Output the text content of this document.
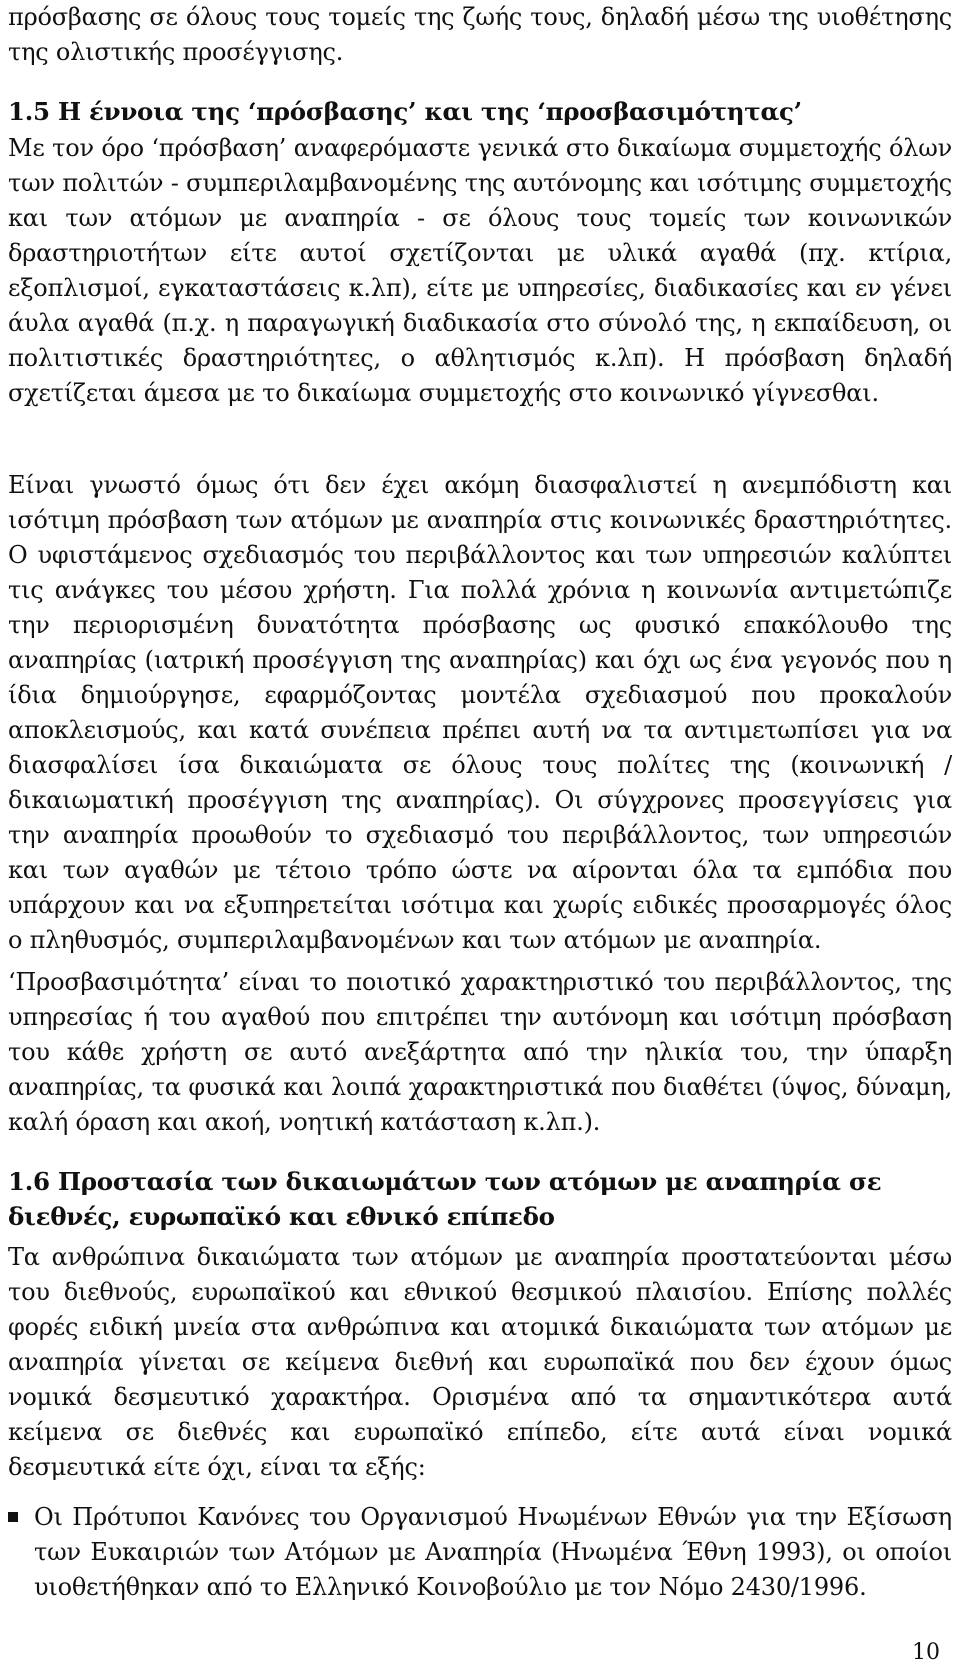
πρόσβασης σε όλους τους τομείς της ζωής τους, δηλαδή μέσω της υιοθέτησης της ολιστικής προσέγγισης.

1.5 Η έννοια της ‘πρόσβασης’ και της ‘προσβασιμότητας’

Με τον όρο ‘πρόσβαση’ αναφερόμαστε γενικά στο δικαίωμα συμμετοχής όλων των πολιτών - συμπεριλαμβανομένης της αυτόνομης και ισότιμης συμμετοχής και των ατόμων με αναπηρία - σε όλους τους τομείς των κοινωνικών δραστηριοτήτων είτε αυτοί σχετίζονται με υλικά αγαθά (πχ. κτίρια, εξοπλισμοί, εγκαταστάσεις κ.λπ), είτε με υπηρεσίες, διαδικασίες και εν γένει άυλα αγαθά (π.χ. η παραγωγική διαδικασία στο σύνολό της, η εκπαίδευση, οι πολιτιστικές δραστηριότητες, ο αθλητισμός κ.λπ). Η πρόσβαση δηλαδή σχετίζεται άμεσα με το δικαίωμα συμμετοχής στο κοινωνικό γίγνεσθαι.

Είναι γνωστό όμως ότι δεν έχει ακόμη διασφαλιστεί η ανεμπόδιστη και ισότιμη πρόσβαση των ατόμων με αναπηρία στις κοινωνικές δραστηριότητες. Ο υφιστάμενος σχεδιασμός του περιβάλλοντος και των υπηρεσιών καλύπτει τις ανάγκες του μέσου χρήστη. Για πολλά χρόνια η κοινωνία αντιμετώπιζε την περιορισμένη δυνατότητα πρόσβασης ως φυσικό επακόλουθο της αναπηρίας (ιατρική προσέγγιση της αναπηρίας) και όχι ως ένα γεγονός που η ίδια δημιούργησε, εφαρμόζοντας μοντέλα σχεδιασμού που προκαλούν αποκλεισμούς, και κατά συνέπεια πρέπει αυτή να τα αντιμετωπίσει για να διασφαλίσει ίσα δικαιώματα σε όλους τους πολίτες της (κοινωνική / δικαιωματική προσέγγιση της αναπηρίας). Οι σύγχρονες προσεγγίσεις για την αναπηρία προωθούν το σχεδιασμό του περιβάλλοντος, των υπηρεσιών και των αγαθών με τέτοιο τρόπο ώστε να αίρονται όλα τα εμπόδια που υπάρχουν και να εξυπηρετείται ισότιμα και χωρίς ειδικές προσαρμογές όλος ο πληθυσμός, συμπεριλαμβανομένων και των ατόμων με αναπηρία.

‘Προσβασιμότητα’ είναι το ποιοτικό χαρακτηριστικό του περιβάλλοντος, της υπηρεσίας ή του αγαθού που επιτρέπει την αυτόνομη και ισότιμη πρόσβαση του κάθε χρήστη σε αυτό ανεξάρτητα από την ηλικία του, την ύπαρξη αναπηρίας, τα φυσικά και λοιπά χαρακτηριστικά που διαθέτει (ύψος, δύναμη, καλή όραση και ακοή, νοητική κατάσταση κ.λπ.).

1.6 Προστασία των δικαιωμάτων των ατόμων με αναπηρία σε διεθνές, ευρωπαϊκό και εθνικό επίπεδο

Τα ανθρώπινα δικαιώματα των ατόμων με αναπηρία προστατεύονται μέσω του διεθνούς, ευρωπαϊκού και εθνικού θεσμικού πλαισίου. Επίσης πολλές φορές ειδική μνεία στα ανθρώπινα και ατομικά δικαιώματα των ατόμων με αναπηρία γίνεται σε κείμενα διεθνή και ευρωπαϊκά που δεν έχουν όμως νομικά δεσμευτικό χαρακτήρα. Ορισμένα από τα σημαντικότερα αυτά κείμενα σε διεθνές και ευρωπαϊκό επίπεδο, είτε αυτά είναι νομικά δεσμευτικά είτε όχι, είναι τα εξής:

Οι Πρότυποι Κανόνες του Οργανισμού Ηνωμένων Εθνών για την Εξίσωση των Ευκαιριών των Ατόμων με Αναπηρία (Ηνωμένα Έθνη 1993), οι οποίοι υιοθετήθηκαν από το Ελληνικό Κοινοβούλιο με τον Νόμο 2430/1996.

10
